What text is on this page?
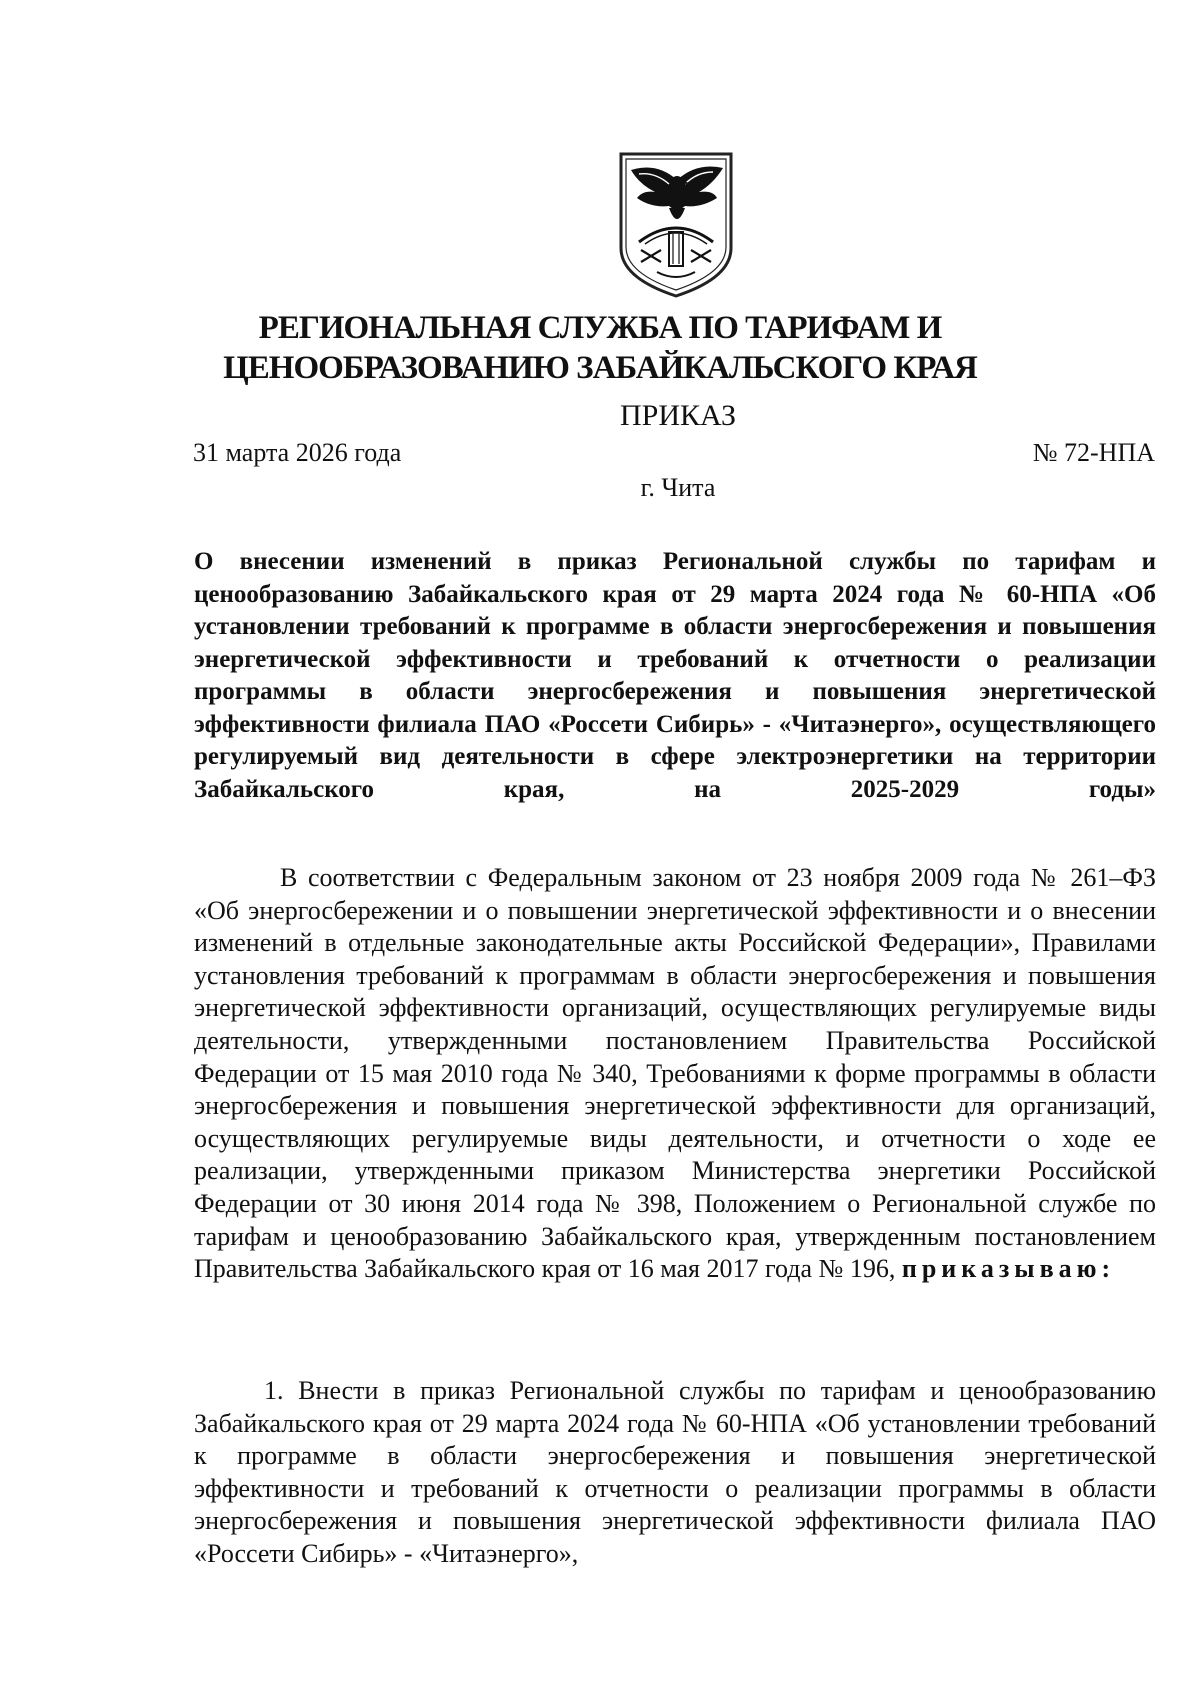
РЕГИОНАЛЬНАЯ СЛУЖБА ПО ТАРИФАМ И
ЦЕНООБРАЗОВАНИЮ ЗАБАЙКАЛЬСКОГО КРАЯ
ПРИКАЗ
31 марта 2026 года	№ 72-НПА
г. Чита
О внесении изменений в приказ Региональной службы по тарифам и ценообразованию Забайкальского края от 29 марта 2024 года № 60-НПА «Об установлении требований к программе в области энергосбережения и повышения энергетической эффективности и требований к отчетности о реализации программы в области энергосбережения и повышения энергетической эффективности филиала ПАО «Россети Сибирь» - «Читаэнерго», осуществляющего регулируемый вид деятельности в сфере электроэнергетики на территории Забайкальского края, на 2025-2029 годы»
В соответствии с Федеральным законом от 23 ноября 2009 года № 261–ФЗ «Об энергосбережении и о повышении энергетической эффективности и о внесении изменений в отдельные законодательные акты Российской Федерации», Правилами установления требований к программам в области энергосбережения и повышения энергетической эффективности организаций, осуществляющих регулируемые виды деятельности, утвержденными постановлением Правительства Российской Федерации от 15 мая 2010 года № 340, Требованиями к форме программы в области энергосбережения и повышения энергетической эффективности для организаций, осуществляющих регулируемые виды деятельности, и отчетности о ходе ее реализации, утвержденными приказом Министерства энергетики Российской Федерации от 30 июня 2014 года № 398, Положением о Региональной службе по тарифам и ценообразованию Забайкальского края, утвержденным постановлением Правительства Забайкальского края от 16 мая 2017 года № 196, приказываю:
1. Внести в приказ Региональной службы по тарифам и ценообразованию Забайкальского края от 29 марта 2024 года № 60-НПА «Об установлении требований к программе в области энергосбережения и повышения энергетической эффективности и требований к отчетности о реализации программы в области энергосбережения и повышения энергетической эффективности филиала ПАО «Россети Сибирь» - «Читаэнерго»,
